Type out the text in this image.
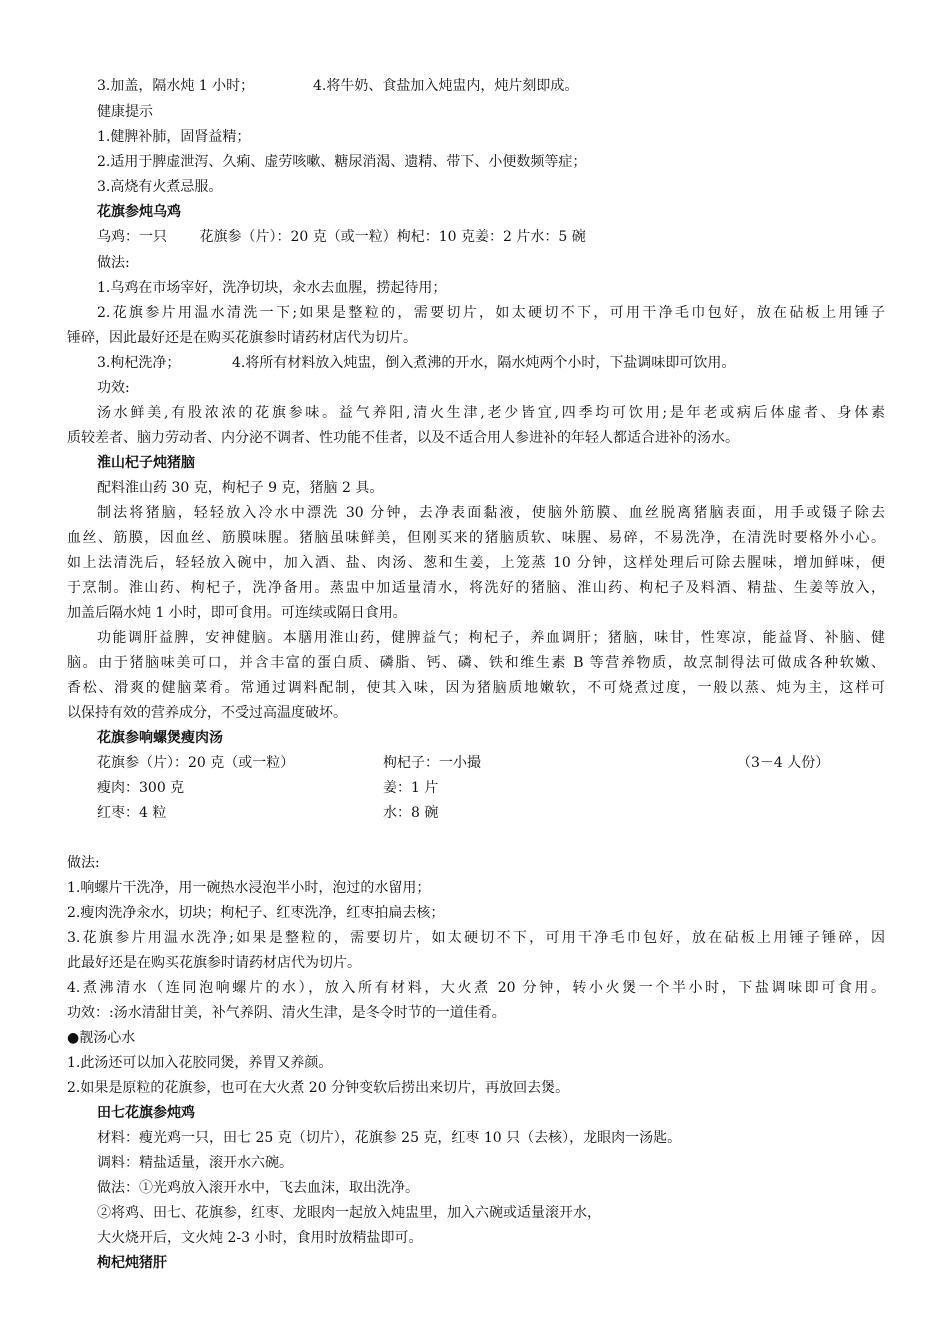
3.加盖，隔水炖 1 小时；	4.将牛奶、食盐加入炖盅内，炖片刻即成。
健康提示
1.健脾补肺，固肾益精；
2.适用于脾虚泄泻、久痢、虚劳咳嗽、糖尿消渴、遗精、带下、小便数频等症；
3.高烧有火煮忌服。
花旗参炖乌鸡
乌鸡：一只　　 花旗参（片）：20 克（或一粒）枸杞：10 克姜：2 片水：5 碗
做法:
1.乌鸡在市场宰好，洗净切块，汆水去血腥，捞起待用；
2.花旗参片用温水清洗一下;如果是整粒的，需要切片，如太硬切不下，可用干净毛巾包好，放在砧板上用锤子
锤碎，因此最好还是在购买花旗参时请药材店代为切片。
3.枸杞洗净；	4.将所有材料放入炖盅，倒入煮沸的开水，隔水炖两个小时，下盐调味即可饮用。
功效:
汤水鲜美,有股浓浓的花旗参味。益气养阳,清火生津,老少皆宜,四季均可饮用;是年老或病后体虚者、身体素
质较差者、脑力劳动者、内分泌不调者、性功能不佳者，以及不适合用人参进补的年轻人都适合进补的汤水。
淮山杞子炖猪脑
配料淮山药 30 克，枸杞子 9 克，猪脑 2 具。
制法将猪脑，轻轻放入冷水中漂洗 30 分钟，去净表面黏液，使脑外筋膜、血丝脱离猪脑表面，用手或镊子除去
血丝、筋膜，因血丝、筋膜味腥。猪脑虽味鲜美，但刚买来的猪脑质软、味腥、易碎，不易洗净，在清洗时要格外小心。
如上法清洗后，轻轻放入碗中，加入酒、盐、肉汤、葱和生姜，上笼蒸 10 分钟，这样处理后可除去腥味，增加鲜味，便
于烹制。淮山药、枸杞子，洗净备用。蒸盅中加适量清水，将洗好的猪脑、淮山药、枸杞子及料酒、精盐、生姜等放入，
加盖后隔水炖 1 小时，即可食用。可连续或隔日食用。
功能调肝益脾，安神健脑。本膳用淮山药，健脾益气；枸杞子，养血调肝；猪脑，味甘，性寒凉，能益肾、补脑、健
脑。由于猪脑味美可口，并含丰富的蛋白质、磷脂、钙、磷、铁和维生素 B 等营养物质，故烹制得法可做成各种软嫩、
香松、滑爽的健脑菜肴。常通过调料配制，使其入味，因为猪脑质地嫩软，不可烧煮过度，一般以蒸、炖为主，这样可
以保持有效的营养成分，不受过高温度破坏。
花旗参响螺煲瘦肉汤
花旗参（片）：20 克（或一粒）	枸杞子：一小撮	（3－4 人份）
瘦肉：300 克	姜：1 片
红枣：4 粒	水：8 碗
做法:
1.响螺片干洗净，用一碗热水浸泡半小时，泡过的水留用；
2.瘦肉洗净汆水，切块；枸杞子、红枣洗净，红枣拍扁去核；
3.花旗参片用温水洗净;如果是整粒的，需要切片，如太硬切不下，可用干净毛巾包好，放在砧板上用锤子锤碎，因
此最好还是在购买花旗参时请药材店代为切片。
4.煮沸清水（连同泡响螺片的水），放入所有材料，大火煮 20 分钟，转小火煲一个半小时，下盐调味即可食用。
功效：:汤水清甜甘美，补气养阴、清火生津，是冬令时节的一道佳肴。
●靓汤心水
1.此汤还可以加入花胶同煲，养胃又养颜。
2.如果是原粒的花旗参，也可在大火煮 20 分钟变软后捞出来切片，再放回去煲。
田七花旗参炖鸡
材料：瘦光鸡一只，田七 25 克（切片），花旗参 25 克，红枣 10 只（去核），龙眼肉一汤匙。
调料：精盐适量，滚开水六碗。
做法：①光鸡放入滚开水中，飞去血沫，取出洗净。
②将鸡、田七、花旗参，红枣、龙眼肉一起放入炖盅里，加入六碗或适量滚开水，
大火烧开后，文火炖 2-3 小时，食用时放精盐即可。
枸杞炖猪肝
